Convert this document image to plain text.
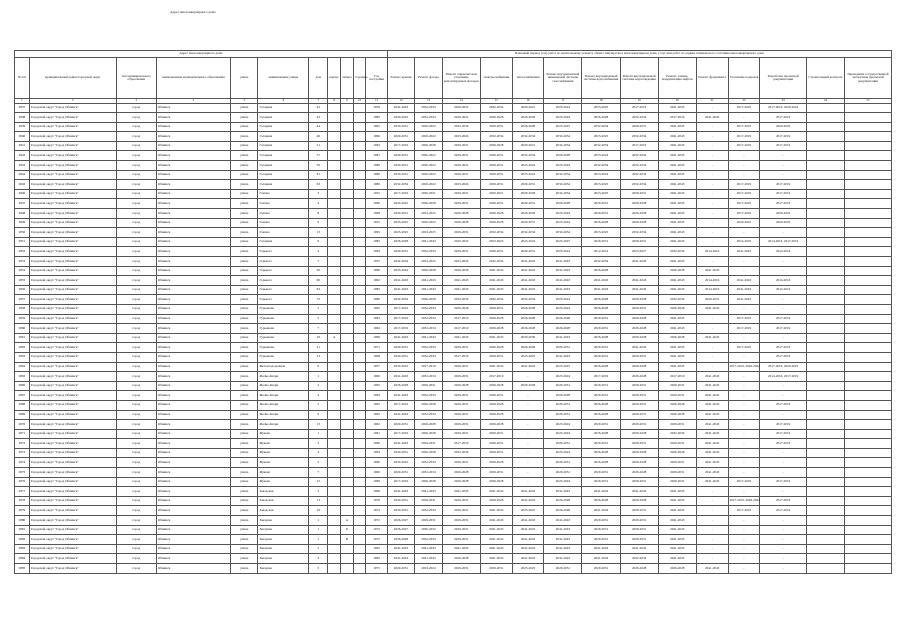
Адрес многоквартирного дома
Адрес многоквартирного дома											Плановый период (год) работ по капитальному ремонту общего имущества в многоквартирном доме, услуг или работ по оценке технического состояния многоквартирного дома													
№ п/п	муниципальный район/городской округ	тип муниципального образования	наименование муниципального образования	улица	наименование улицы	дом	корпус	литера	строение	Год постройки	Ремонт крыши	Ремонт фасада	Ремонт открытых или утепление ремонтируемых фасадов	электроснабжения	теплоснабжения	Ремонт внутридомовой инженерной системы газоснабжения	Ремонт внутридомовой системы водоснабжения	Ремонт внутридомовой системы водоотведения	Ремонт, замена, модернизация лифтов	Ремонт фундамента	Утепление подвалов	Разработка проектной документации	Строительный контроль	Проведение государственной экспертизы проектной документации
1	2	3	4	5	6	7	8	9	10	11	12	13	14	15	16	17	18	19	20	21	22	23	24	25
2837	Городской округ "Город Обнинск"	город	Обнинск	улица	Гагарина	42				1959	2041-2043	2032-2034	2020-2022	2032-2034	2020-2021	2023-2024	2023-2025	2017-2019	2041-2043	-	2017-2019	2017-2019, 2020-2022		
2838	Городской округ "Город Обнинск"	город	Обнинск	улица	Гагарина	43				1985	2020-2022	2032-2034	2029-2031	2026-2028	2026-2028	2023-2024	2026-2028	2032-2034	2017-2019	2041-2043	-	2017-2019		
2839	Городской округ "Город Обнинск"	город	Обнинск	улица	Гагарина	44				1995	2029-2031	2020-2022	2032-2034	2029-2031	2026-2028	2023-2025	2032-2034	2029-2031	2041-2043	-	2017-2019	2020-2022		
2840	Городской округ "Город Обнинск"	город	Обнинск	улица	Гагарина	46				1996	2029-2031	2020-2022	2023-2024	2032-2034	2032-2034	2032-2034	2023-2025	2032-2034	2041-2043	-	2017-2019	2017-2019		
2841	Городской округ "Город Обнинск"	город	Обнинск	улица	Гагарина	51				1963	2017-2019	2026-2028	2029-2031	2026-2028	2020-2021	2032-2034	2032-2034	2017-2019	2041-2043	-	2017-2019	2017-2019		
2842	Городской округ "Город Обнинск"	город	Обнинск	улица	Гагарина	57				1981	2029-2031	2020-2022	2029-2031	2029-2031	2032-2034	2026-2028	2023-2024	2032-2034	2041-2043	-	-	-		
2843	Городской округ "Город Обнинск"	город	Обнинск	улица	Гагарина	59				1986	2029-2031	2020-2022	2029-2031	2029-2031	2023-2024	2023-2024	2032-2034	2032-2034	2041-2043	-	-	-		
2844	Городской округ "Город Обнинск"	город	Обнинск	улица	Гагарина	61				1986	2029-2031	2020-2022	2029-2031	2029-2031	2023-2024	2032-2034	2023-2024	2032-2034	2041-2043	-	-	-		
2845	Городской округ "Город Обнинск"	город	Обнинск	улица	Гагарина	63				1986	2032-2034	2020-2022	2023-2024	2029-2031	2029-2031	2032-2034	2023-2025	2032-2034	2041-2043	-	2017-2019	2017-2019		
2846	Городской округ "Город Обнинск"	город	Обнинск	улица	Гамова	3				1955	2017-2019	2020-2021	2029-2031	2020-2021	2026-2028	2032-2034	2023-2025	2029-2031	2041-2043	-	2017-2019	2017-2019		
2847	Городской округ "Город Обнинск"	город	Обнинск	улица	Гамова	4				1960	2020-2022	2026-2028	2029-2031	2029-2031	2029-2031	2026-2028	2029-2031	2026-2028	2041-2043	-	2017-2019	2017-2019		
2848	Городской округ "Город Обнинск"	город	Обнинск	улица	Гамова	8				1968	2029-2031	2023-2025	2026-2028	2026-2028	2026-2028	2023-2024	2029-2031	2026-2028	2041-2043	-	2017-2019	2020-2022		
2849	Городской округ "Город Обнинск"	город	Обнинск	улица	Гамова	9				1955	2023-2025	2020-2022	2026-2028	2026-2028	2029-2031	2023-2024	2026-2028	2026-2028	2041-2043	-	2020-2022	2020-2022		
2850	Городской округ "Город Обнинск"	город	Обнинск	улица	Гамова	13				1995	2023-2025	2023-2025	2029-2031	2032-2034	2032-2034	2032-2034	2023-2025	2032-2034	2041-2043	-	-	-		
2851	Городской округ "Город Обнинск"	город	Обнинск	улица	Гагарина	6				1985	2026-2028	2041-2043	2020-2022	2023-2025	2023-2024	2023-2025	2029-2031	2029-2031	2041-2043	-	2014-2016	2014-2016, 2017-2019		
2852	Городской округ "Город Обнинск"	город	Обнинск	улица	Горького	4				1964	2029-2031	2032-2034	2029-2031	2029-2031	2029-2031	2023-2024	2012-2014	2023-2027	2032-2034	2014-2016	2041-2043	2014-2016		
2853	Городской округ "Город Обнинск"	город	Обнинск	улица	Горького	7				1955	2032-2034	2023-2025	2023-2024	2032-2034	2041-2043	2041-2043	2032-2034	2041-2043	2041-2043	-	-	-		
2854	Городской округ "Город Обнинск"	город	Обнинск	улица	Горького	20				1966	2023-2024	2026-2028	2029-2030	2041-2043	2041-2043	2041-2043	2026-2028	-	2026-2028	2041-2043	-	-		
2855	Городской округ "Город Обнинск"	город	Обнинск	улица	Горького	60				1992	2041-2043	2041-2043	2041-2043	2041-2043	2041-2043	2041-2043	2041-2043	2041-2043	2041-2043	2014-2016	2041-2043	2014-2016		
2856	Городской округ "Город Обнинск"	город	Обнинск	улица	Горького	62				1985	2041-2043	2041-2043	2041-2043	2041-2043	2041-2043	2041-2043	2041-2043	2041-2043	2041-2043	2014-2016	2041-2043	2014-2016		
2857	Городской округ "Город Обнинск"	город	Обнинск	улица	Горького	72				1980	2032-2034	2026-2028	2032-2034	2032-2034	2032-2034	2023-2024	2026-2028	2026-2028	2032-2034	2029-2031	2041-2043	-		
2858	Городской округ "Город Обнинск"	город	Обнинск	улица	Гурьянова	2				1965	2017-2019	2032-2034	2026-2028	2029-2031	2026-2028	2023-2024	2026-2028	2029-2031	2026-2028	2041-2043	-	-		
2859	Городской округ "Город Обнинск"	город	Обнинск	улица	Гурьянова	5				1963	2017-2019	2032-2034	2017-2019	2026-2028	2026-2028	2026-2028	2029-2031	2026-2028	2041-2043	-	2017-2019	2017-2019		
2860	Городской округ "Город Обнинск"	город	Обнинск	улица	Гурьянова	7				1964	2017-2019	2032-2034	2017-2019	2026-2028	2026-2028	2026-2028	2029-2031	2026-2028	2041-2043	-	2017-2019	2017-2019		
2861	Городской округ "Город Обнинск"	город	Обнинск	улица	Гурьянова	19	А			1996	2041-2043	2041-2043	2041-2043	2041-2043	2029-2030	2041-2043	2026-2028	2026-2028	2026-2028	2041-2043	-	-		
2862	Городской округ "Город Обнинск"	город	Обнинск	улица	Гурьянова	21				1971	2029-2031	2032-2034	2029-2031	2026-2028	2026-2028	2029-2031	2029-2031	2041-2043	2041-2043	-	2017-2019	2017-2019		
2863	Городской округ "Город Обнинск"	город	Обнинск	улица	Гурьянова	23				1968	2029-2031	2032-2034	2017-2019	2029-2031	2023-2025	2041-2043	2029-2031	2029-2031	2041-2043	-	-	2017-2019		
2864	Городской округ "Город Обнинск"	город	Обнинск	улица	Железнодорожная	6				1957	2020-2022	2017-2019	2029-2031	2041-2043	2041-2043	2023-2025	2026-2028	2026-2028	2041-2043	-	2017-2019, 2020-2022	2017-2019, 2020-2022		
2865	Городской округ "Город Обнинск"	город	Обнинск	улица	Жолио-Кюри	1				1960	2041-2043	2032-2034	2029-2031	2017-2019	-	2023-2024	2017-2019	2026-2028	2017-2019	2041-2043	-	2014-2016, 2017-2019		
2866	Городской округ "Город Обнинск"	город	Обнинск	улица	Жолио-Кюри	2				1965	2026-2028	2029-2031	2026-2028	2026-2028	2026-2028	2029-2031	2029-2031	2029-2031	2029-2031	2041-2043	-	-		
2867	Городской округ "Город Обнинск"	город	Обнинск	улица	Жолио-Кюри	4				1964	2041-2043	2032-2034	2029-2031	2029-2031	-	2026-2028	2029-2031	2029-2031	2029-2031	2041-2043	-	-		
2868	Городской округ "Город Обнинск"	город	Обнинск	улица	Жолио-Кюри	5				1962	2017-2019	2026-2028	2029-2031	2026-2028	-	2029-2031	2026-2028	2029-2031	2026-2028	2041-2043	-	2017-2019		
2869	Городской округ "Город Обнинск"	город	Обнинск	улица	Жолио-Кюри	9				1962	2041-2043	2032-2034	2029-2031	2026-2028	-	2029-2031	2026-2028	2029-2031	2026-2028	2041-2043	-	-		
2870	Городской округ "Город Обнинск"	город	Обнинск	улица	Жолио-Кюри	13				1962	2029-2031	2026-2028	2029-2031	2026-2028	-	2023-2024	2029-2031	2029-2031	2029-2031	2041-2043	-	2017-2019		
2871	Городской округ "Город Обнинск"	город	Обнинск	улица	Жукова	1				1961	2017-2019	2026-2028	2029-2031	2029-2031	-	2023-2024	2026-2028	2026-2028	2032-2034	2041-2043	-	2017-2019		
2872	Городской округ "Город Обнинск"	город	Обнинск	улица	Жукова	3				1960	2041-2043	2029-2031	2017-2019	2029-2031	-	2029-2031	2029-2031	2029-2031	2029-2031	2041-2043	-	2017-2019		
2873	Городской округ "Город Обнинск"	город	Обнинск	улица	Жукова	4				1964	2029-2031	2026-2028	2032-2034	2029-2031	-	2023-2024	2026-2028	2026-2028	2026-2028	2041-2043	-	-		
2874	Городской округ "Город Обнинск"	город	Обнинск	улица	Жукова	5				1960	2020-2022	2032-2034	2029-2031	2026-2028	-	2029-2031	2026-2028	2026-2028	2029-2031	2041-2043	-	-		
2875	Городской округ "Город Обнинск"	город	Обнинск	улица	Жукова	7				1960	2029-2031	2032-2034	2026-2028	2029-2031	-	2029-2031	2029-2031	2026-2028	2029-2031	2041-2043	-	-		
2876	Городской округ "Город Обнинск"	город	Обнинск	улица	Жукова	12				1969	2017-2019	2026-2028	2026-2028	2026-2028	-	2023-2024	2029-2031	2029-2031	2029-2031	2041-2043	2017-2019	2017-2019		
2877	Городской округ "Город Обнинск"	город	Обнинск	улица	Заводская	3				1996	2041-2043	2041-2043	2041-2043	2041-2043	2041-2043	2041-2043	2041-2043	2041-2043	2041-2043	-	-	-		
2878	Городской округ "Город Обнинск"	город	Обнинск	улица	Заводская	13				1976	2029-2031	2029-2031	2029-2031	2026-2028	2041-2043	2026-2028	2026-2028	2026-2028	2041-2043	-	2017-2019, 2020-2022	2017-2019		
2879	Городской округ "Город Обнинск"	город	Обнинск	улица	Заводская	18				1974	2029-2031	2032-2034	2029-2031	2041-2043	2023-2025	2026-2028	2041-2043	2029-2031	2041-2043	-	2017-2019	2017-2019		
2880	Городской округ "Город Обнинск"	город	Обнинск	улица	Звездная	1		А		1972	2026-2027	2029-2031	2029-2031	2041-2043	2041-2043	2041-2043	2029-2031	2029-2031	2041-2043	-	-	-		
2881	Городской округ "Город Обнинск"	город	Обнинск	улица	Звездная	1		Б		1972	2026-2027	2030-2032	2029-2031	2041-2043	2041-2043	2041-2043	2029-2031	2029-2031	2041-2043	-	-	-		
2882	Городской округ "Город Обнинск"	город	Обнинск	улица	Звездная	1		В		1972	2026-2028	2032-2034	2029-2031	2041-2043	2041-2043	2041-2043	2029-2031	2029-2031	2041-2043	-	-	-		
2883	Городской округ "Город Обнинск"	город	Обнинск	улица	Звездная	2				1962	2041-2043	2041-2043	2041-2043	2041-2043	2041-2043	2041-2043	2041-2043	2041-2043	2041-2043	-	-	-		
2884	Городской округ "Город Обнинск"	город	Обнинск	улица	Звездная	4				1962	2041-2043	2041-2043	2026-2028	2041-2043	2041-2043	2041-2043	2041-2043	2032-2034	2041-2043	-	-	-		
2885	Городской округ "Город Обнинск"	город	Обнинск	улица	Звездная	5				1975	2029-2031	2023-2024	2029-2031	2029-2031	2023-2025	2029-2031	2029-2031	2026-2028	2026-2028	2041-2043	-	-		
